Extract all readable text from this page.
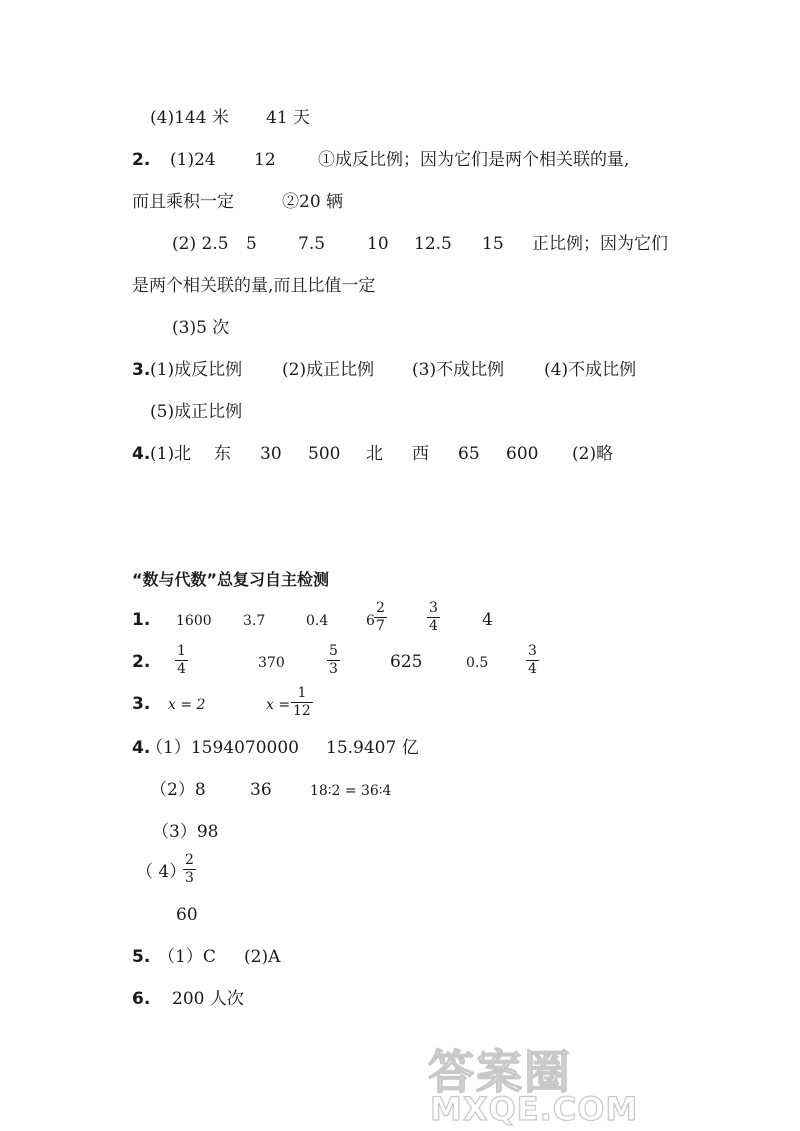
(4)144 米 41 天
2. (1)24 12 ①成反比例；因为它们是两个相关联的量,
而且乘积一定	②20 辆
(2) 2.5 5 7.5 10 12.5 15 正比例；因为它们
是两个相关联的量,而且比值一定
(3)5 次
3. (1)成反比例 (2)成正比例 (3)不成比例 (4)不成比例
(5)成正比例
4. (1)北 东 30 500 北 西 65 600 (2)略
“数与代数”总复习自主检测
1. 1600 3.7	0.4	$6 \frac{2}{7}$	$\frac{3}{4} 4$
2. $\frac{1}{4}$	370	$\frac{5}{3}$	625	0.5	$\frac{3}{4}$
3. x = 2	$x = \frac{1}{12}$
4.
（1）1594070000 15.9407 亿
（2）8	36	18∶2 = 36∶4
（3）98
（ 4）
$\frac{2}{3}$
60
5. （1）C (2)A
6. 200 人次
答案圈
MXQE.COM
